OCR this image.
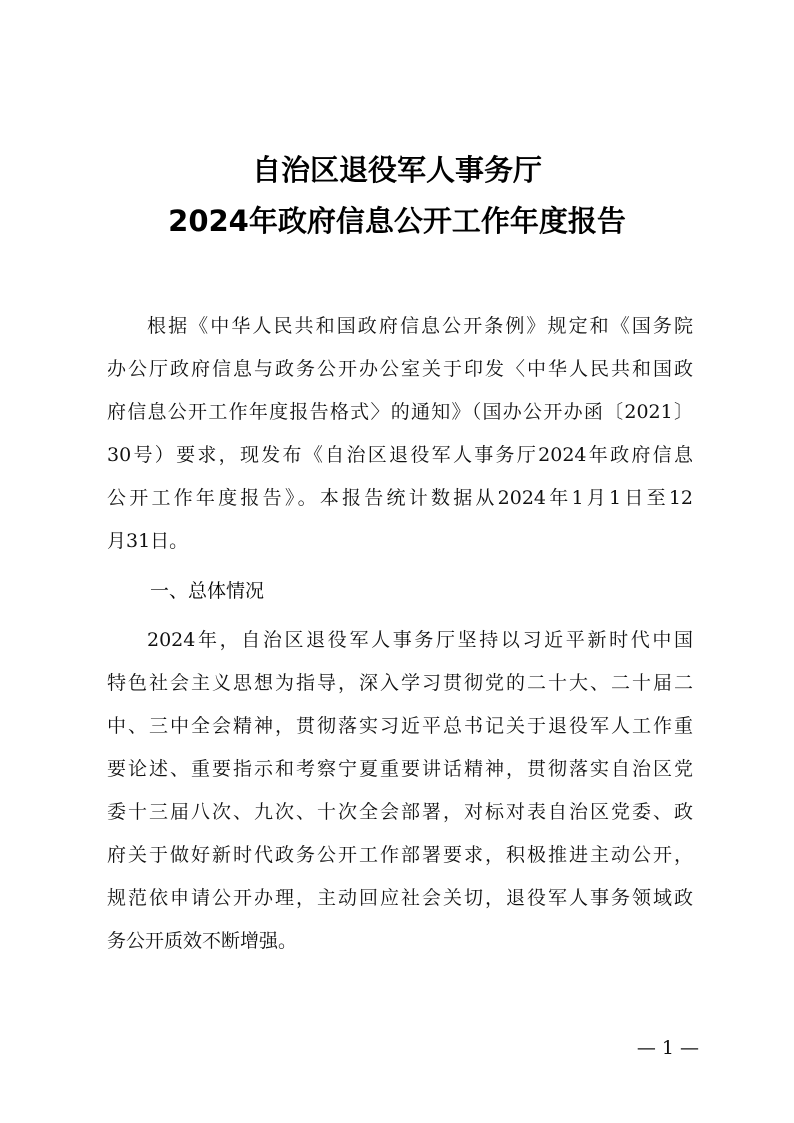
自治区退役军人事务厅
2024年政府信息公开工作年度报告
根据《中华人民共和国政府信息公开条例》规定和《国务院
办公厅政府信息与政务公开办公室关于印发〈中华人民共和国政
府信息公开工作年度报告格式〉的通知》（国办公开办函〔2021〕
30号）要求，现发布《自治区退役军人事务厅2024年政府信息
公开工作年度报告》。本报告统计数据从2024年1月1日至12
月31日。
一、总体情况
2024年，自治区退役军人事务厅坚持以习近平新时代中国
特色社会主义思想为指导，深入学习贯彻党的二十大、二十届二
中、三中全会精神，贯彻落实习近平总书记关于退役军人工作重
要论述、重要指示和考察宁夏重要讲话精神，贯彻落实自治区党
委十三届八次、九次、十次全会部署，对标对表自治区党委、政
府关于做好新时代政务公开工作部署要求，积极推进主动公开，
规范依申请公开办理，主动回应社会关切，退役军人事务领域政
务公开质效不断增强。
— 1 —
